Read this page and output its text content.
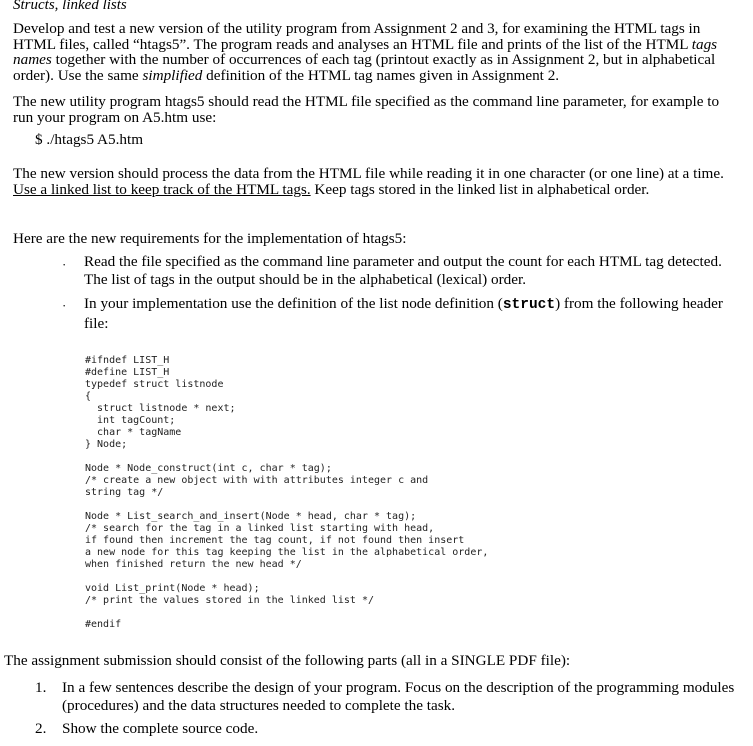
Structs, linked lists
Develop and test a new version of the utility program from Assignment 2 and 3, for examining the HTML tags in HTML files, called “htags5”. The program reads and analyses an HTML file and prints of the list of the HTML tags names together with the number of occurrences of each tag (printout exactly as in Assignment 2, but in alphabetical order). Use the same simplified definition of the HTML tag names given in Assignment 2.
The new utility program htags5 should read the HTML file specified as the command line parameter, for example to run your program on A5.htm use:
$ ./htags5 A5.htm
The new version should process the data from the HTML file while reading it in one character (or one line) at a time. Use a linked list to keep track of the HTML tags. Keep tags stored in the linked list in alphabetical order.
Here are the new requirements for the implementation of htags5:
· Read the file specified as the command line parameter and output the count for each HTML tag detected. The list of tags in the output should be in the alphabetical (lexical) order.
· In your implementation use the definition of the list node definition (struct) from the following header file:
#ifndef LIST_H
#define LIST_H
typedef struct listnode
{
struct listnode * next;
int tagCount;
char * tagName
} Node;

Node * Node_construct(int c, char * tag);
/* create a new object with with attributes integer c and
string tag */

Node * List_search_and_insert(Node * head, char * tag);
/* search for the tag in a linked list starting with head,
if found then increment the tag count, if not found then insert
a new node for this tag keeping the list in the alphabetical order,
when finished return the new head */

void List_print(Node * head);
/* print the values stored in the linked list */

#endif
The assignment submission should consist of the following parts (all in a SINGLE PDF file):
1. In a few sentences describe the design of your program. Focus on the description of the programming modules (procedures) and the data structures needed to complete the task.
2. Show the complete source code.
